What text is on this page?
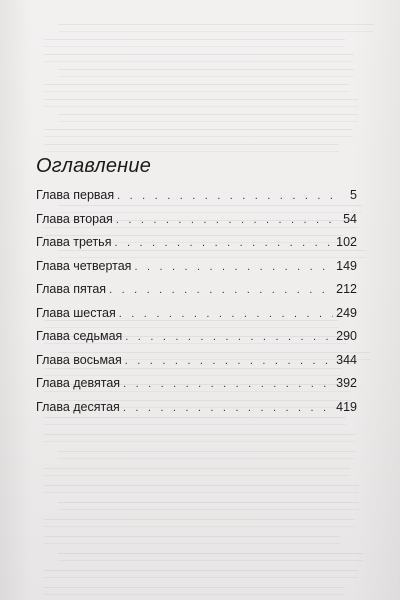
Оглавление
Глава первая . . .	5
Глава вторая . . .	54
Глава третья . . .	102
Глава четвертая . . .	149
Глава пятая . . .	212
Глава шестая . . .	249
Глава седьмая . . .	290
Глава восьмая . . .	344
Глава девятая . . .	392
Глава десятая . . .	419
